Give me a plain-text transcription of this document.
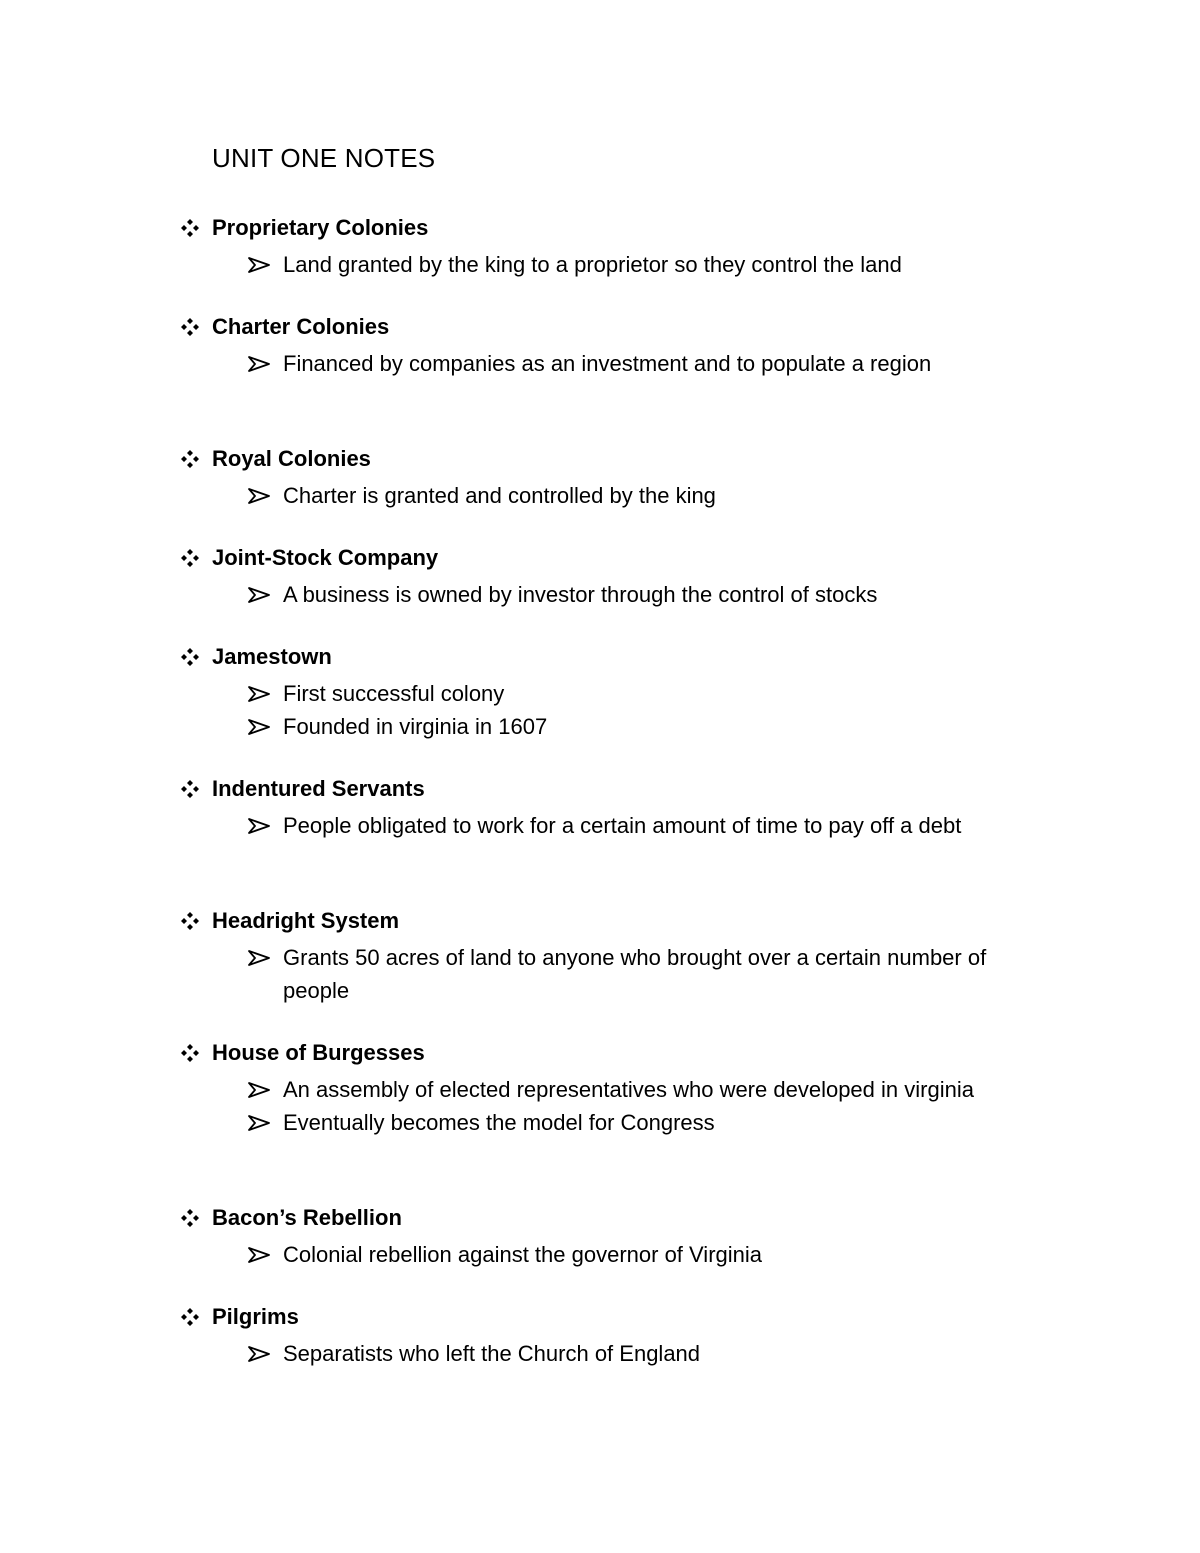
UNIT ONE NOTES
Proprietary Colonies
Land granted by the king to a proprietor so they control the land
Charter Colonies
Financed by companies as an investment and to populate a region
Royal Colonies
Charter is granted and controlled by the king
Joint-Stock Company
A business is owned by investor through the control of stocks
Jamestown
First successful colony
Founded in virginia in 1607
Indentured Servants
People obligated to work for a certain amount of time to pay off a debt
Headright System
Grants 50 acres of land to anyone who brought over a certain number of people
House of Burgesses
An assembly of elected representatives who were developed in virginia
Eventually becomes the model for Congress
Bacon’s Rebellion
Colonial rebellion against the governor of Virginia
Pilgrims
Separatists who left the Church of England
